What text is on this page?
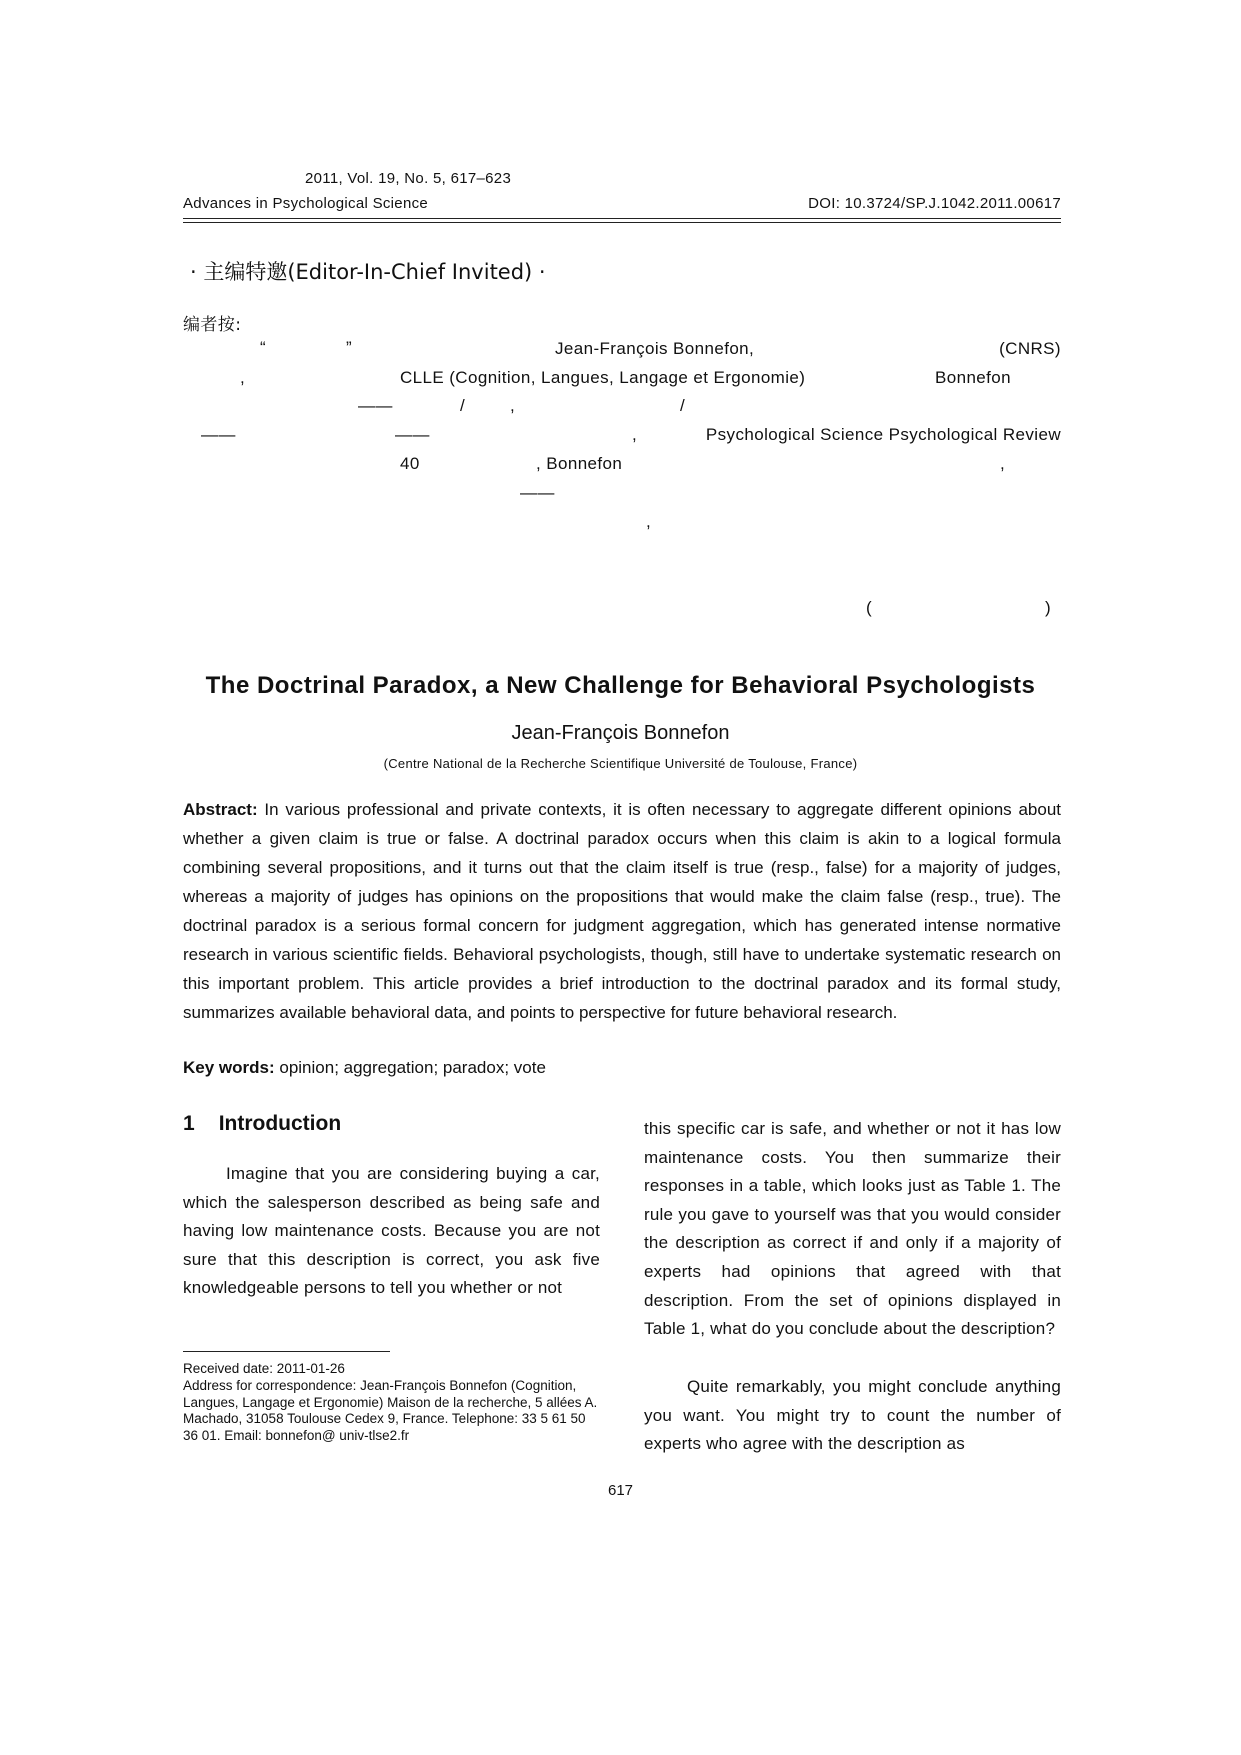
2011, Vol. 19, No. 5, 617–623
Advances in Psychological Science	DOI: 10.3724/SP.J.1042.2011.00617
· 主编特邀(Editor-In-Chief Invited) ·
编者按:
“	”	Jean-François Bonnefon,	(CNRS)
,	CLLE (Cognition, Langues, Langage et Ergonomie)	Bonnefon
——	/	,	/
——	——	,	Psychological Science Psychological Review
40	, Bonnefon	,
——
,
(	)
The Doctrinal Paradox, a New Challenge for Behavioral Psychologists
Jean-François Bonnefon
(Centre National de la Recherche Scientifique Université de Toulouse, France)

Abstract: In various professional and private contexts, it is often necessary to aggregate different opinions about whether a given claim is true or false. A doctrinal paradox occurs when this claim is akin to a logical formula combining several propositions, and it turns out that the claim itself is true (resp., false) for a majority of judges, whereas a majority of judges has opinions on the propositions that would make the claim false (resp., true). The doctrinal paradox is a serious formal concern for judgment aggregation, which has generated intense normative research in various scientific fields. Behavioral psychologists, though, still have to undertake systematic research on this important problem. This article provides a brief introduction to the doctrinal paradox and its formal study, summarizes available behavioral data, and points to perspective for future behavioral research.

Key words: opinion; aggregation; paradox; vote
1 Introduction

Imagine that you are considering buying a car, which the salesperson described as being safe and having low maintenance costs. Because you are not sure that this description is correct, you ask five knowledgeable persons to tell you whether or not

this specific car is safe, and whether or not it has low maintenance costs. You then summarize their responses in a table, which looks just as Table 1. The rule you gave to yourself was that you would consider the description as correct if and only if a majority of experts had opinions that agreed with that description. From the set of opinions displayed in Table 1, what do you conclude about the description?

Quite remarkably, you might conclude anything you want. You might try to count the number of experts who agree with the description as

Received date: 2011-01-26

Address for correspondence: Jean-François Bonnefon (Cognition, Langues, Langage et Ergonomie) Maison de la recherche, 5 allées A. Machado, 31058 Toulouse Cedex 9, France. Telephone: 33 5 61 50 36 01. Email: bonnefon@ univ-tlse2.fr

617
